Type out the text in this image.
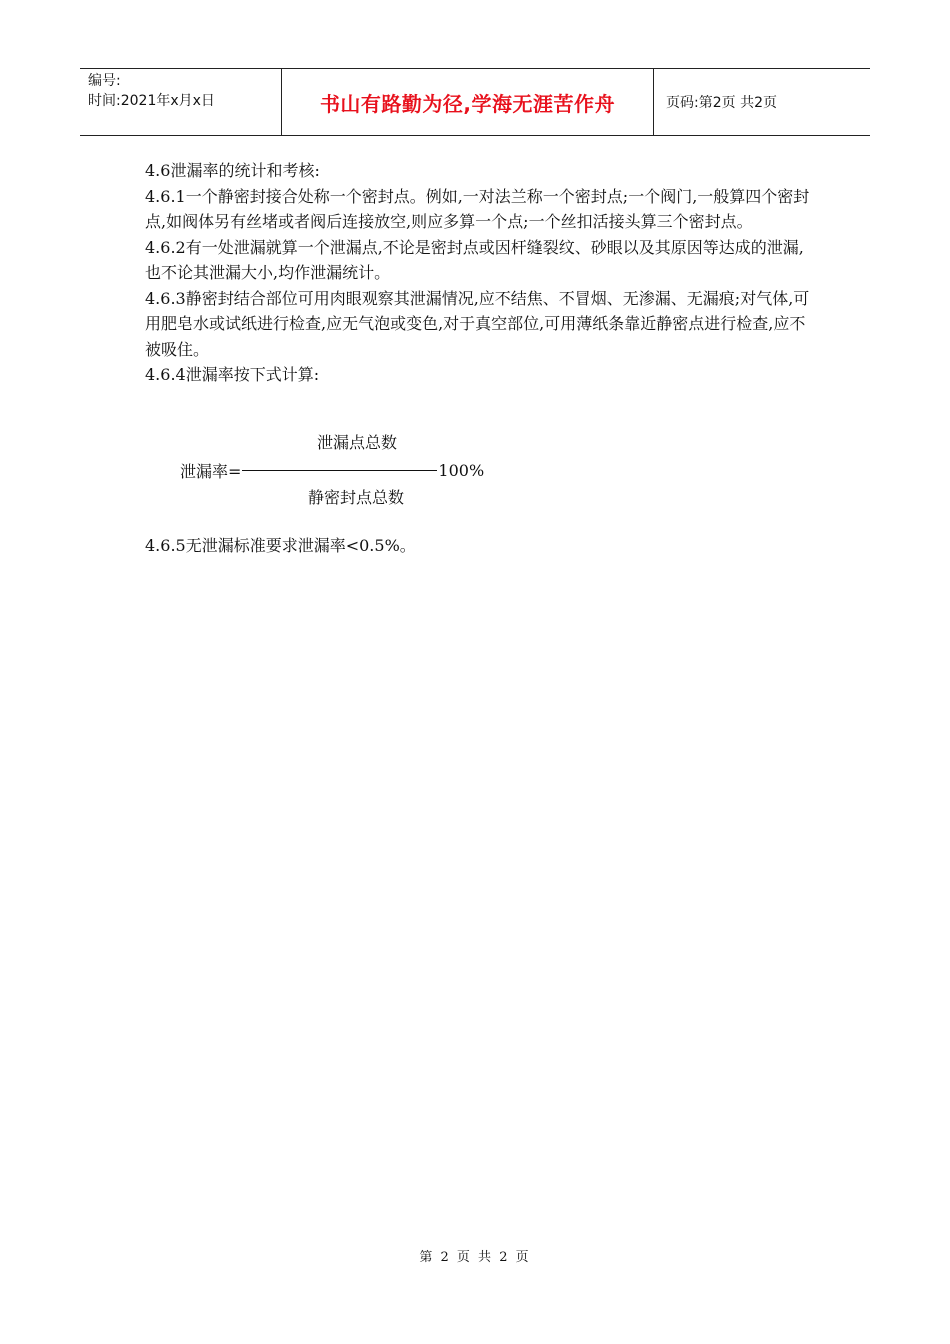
编号:
时间:2021年x月x日	书山有路勤为径,学海无涯苦作舟	页码:第2页 共2页

4.6泄漏率的统计和考核:

4.6.1一个静密封接合处称一个密封点。例如,一对法兰称一个密封点;一个阀门,一般算四个密封点,如阀体另有丝堵或者阀后连接放空,则应多算一个点;一个丝扣活接头算三个密封点。

4.6.2有一处泄漏就算一个泄漏点,不论是密封点或因杆缝裂纹、砂眼以及其原因等达成的泄漏,也不论其泄漏大小,均作泄漏统计。

4.6.3静密封结合部位可用肉眼观察其泄漏情况,应不结焦、不冒烟、无渗漏、无漏痕;对气体,可用肥皂水或试纸进行检查,应无气泡或变色,对于真空部位,可用薄纸条靠近静密点进行检查,应不被吸住。

4.6.4泄漏率按下式计算:

泄漏点总数
泄漏率=	100%
静密封点总数
4.6.5无泄漏标准要求泄漏率<0.5%。
第 2 页 共 2 页
